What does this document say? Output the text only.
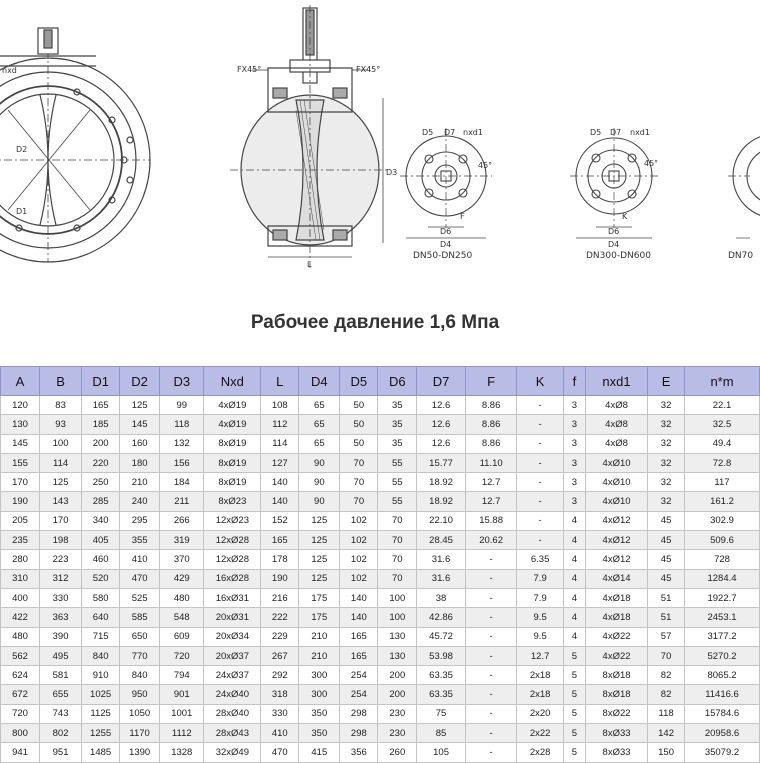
nxd
D2
D1
FX45°	FX45°
D3
L
D5 D7 nxd1
45°
F
D6
D4
DN50-DN250
D5 D7 nxd1
45°
K
D6
D4
DN300-DN600	DN70
Рабочее давление 1,6 Мпа
A	B	D1	D2	D3	Nxd	L	D4	D5	D6	D7	F	K	f	nxd1	E	n*m
120	83	165	125	99	4xØ19	108	65	50	35	12.6	8.86	-	3	4xØ8	32	22.1
130	93	185	145	118	4xØ19	112	65	50	35	12.6	8.86	-	3	4xØ8	32	32.5
145	100	200	160	132	8xØ19	114	65	50	35	12.6	8.86	-	3	4xØ8	32	49.4
155	114	220	180	156	8xØ19	127	90	70	55	15.77	11.10	-	3	4xØ10	32	72.8
170	125	250	210	184	8xØ19	140	90	70	55	18.92	12.7	-	3	4xØ10	32	117
190	143	285	240	211	8xØ23	140	90	70	55	18.92	12.7	-	3	4xØ10	32	161.2
205	170	340	295	266	12xØ23	152	125	102	70	22.10	15.88	-	4	4xØ12	45	302.9
235	198	405	355	319	12xØ28	165	125	102	70	28.45	20.62	-	4	4xØ12	45	509.6
280	223	460	410	370	12xØ28	178	125	102	70	31.6	-	6.35	4	4xØ12	45	728
310	312	520	470	429	16xØ28	190	125	102	70	31.6	-	7.9	4	4xØ14	45	1284.4
400	330	580	525	480	16xØ31	216	175	140	100	38	-	7.9	4	4xØ18	51	1922.7
422	363	640	585	548	20xØ31	222	175	140	100	42.86	-	9.5	4	4xØ18	51	2453.1
480	390	715	650	609	20xØ34	229	210	165	130	45.72	-	9.5	4	4xØ22	57	3177.2
562	495	840	770	720	20xØ37	267	210	165	130	53.98	-	12.7	5	4xØ22	70	5270.2
624	581	910	840	794	24xØ37	292	300	254	200	63.35	-	2x18	5	8xØ18	82	8065.2
672	655	1025	950	901	24xØ40	318	300	254	200	63.35	-	2x18	5	8xØ18	82	11416.6
720	743	1125	1050	1001	28xØ40	330	350	298	230	75	-	2x20	5	8xØ22	118	15784.6
800	802	1255	1170	1112	28xØ43	410	350	298	230	85	-	2x22	5	8xØ33	142	20958.6
941	951	1485	1390	1328	32xØ49	470	415	356	260	105	-	2x28	5	8xØ33	150	35079.2
